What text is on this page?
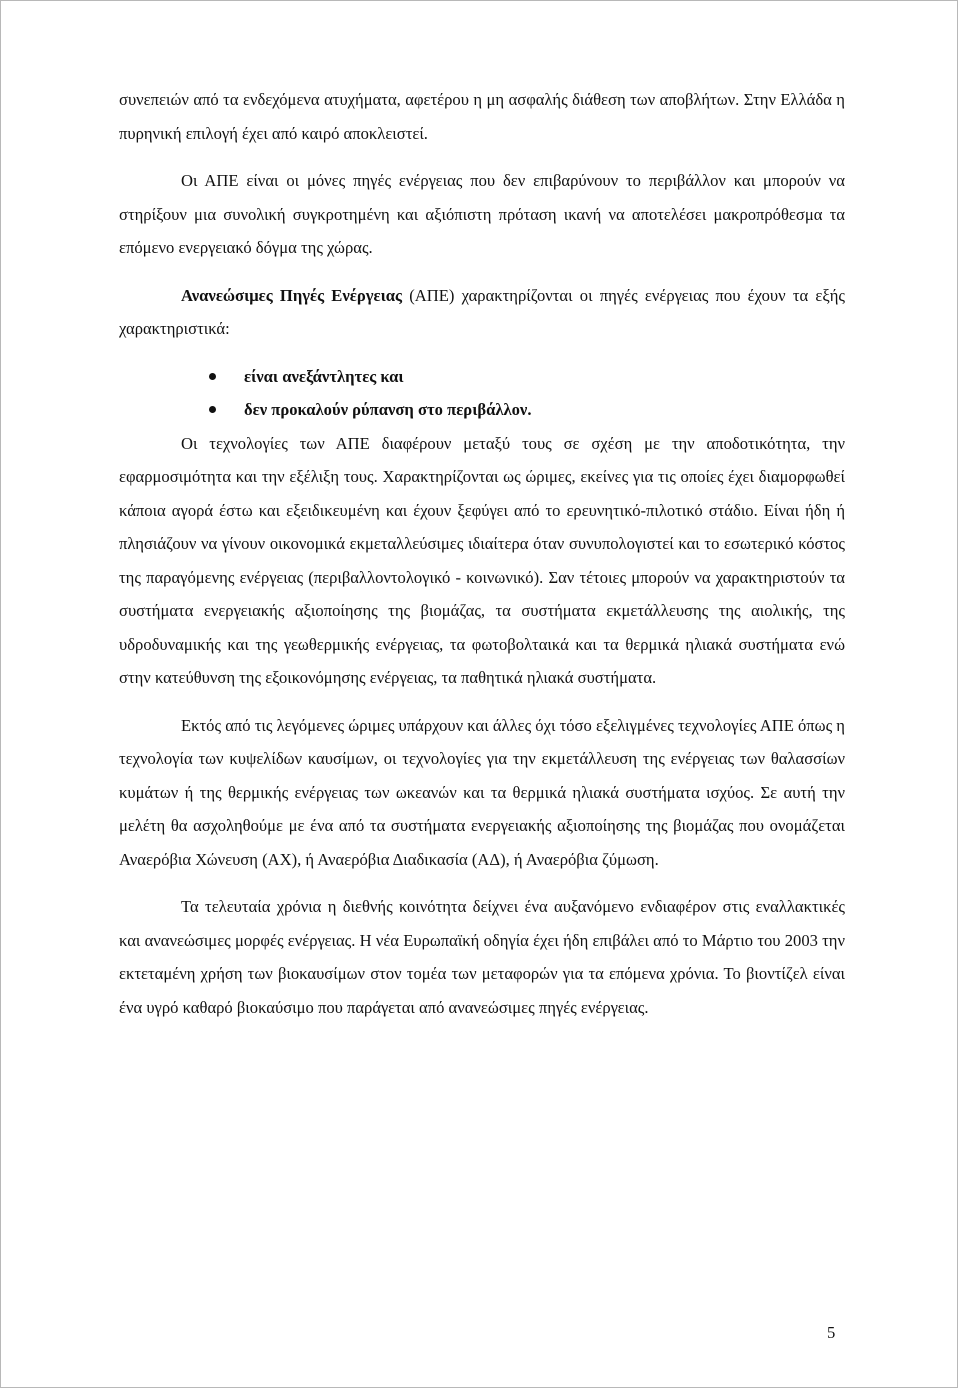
συνεπειών από τα ενδεχόμενα ατυχήματα, αφετέρου η μη ασφαλής διάθεση των αποβλήτων. Στην Ελλάδα η πυρηνική επιλογή έχει από καιρό αποκλειστεί.

Οι ΑΠΕ είναι οι μόνες πηγές ενέργειας που δεν επιβαρύνουν το περιβάλλον και μπορούν να στηρίξουν μια συνολική συγκροτημένη και αξιόπιστη πρόταση ικανή να αποτελέσει μακροπρόθεσμα τα επόμενο ενεργειακό δόγμα της χώρας.

Ανανεώσιμες Πηγές Ενέργειας (ΑΠΕ) χαρακτηρίζονται οι πηγές ενέργειας που έχουν τα εξής χαρακτηριστικά:

είναι ανεξάντλητες και
δεν προκαλούν ρύπανση στο περιβάλλον.

Οι τεχνολογίες των ΑΠΕ διαφέρουν μεταξύ τους σε σχέση με την αποδοτικότητα, την εφαρμοσιμότητα και την εξέλιξη τους. Χαρακτηρίζονται ως ώριμες, εκείνες για τις οποίες έχει διαμορφωθεί κάποια αγορά έστω και εξειδικευμένη και έχουν ξεφύγει από το ερευνητικό-πιλοτικό στάδιο. Είναι ήδη ή πλησιάζουν να γίνουν οικονομικά εκμεταλλεύσιμες ιδιαίτερα όταν συνυπολογιστεί και το εσωτερικό κόστος της παραγόμενης ενέργειας (περιβαλλοντολογικό - κοινωνικό). Σαν τέτοιες μπορούν να χαρακτηριστούν τα συστήματα ενεργειακής αξιοποίησης της βιομάζας, τα συστήματα εκμετάλλευσης της αιολικής, της υδροδυναμικής και της γεωθερμικής ενέργειας, τα φωτοβολταικά και τα θερμικά ηλιακά συστήματα ενώ στην κατεύθυνση της εξοικονόμησης ενέργειας, τα παθητικά ηλιακά συστήματα.

Εκτός από τις λεγόμενες ώριμες υπάρχουν και άλλες όχι τόσο εξελιγμένες τεχνολογίες ΑΠΕ όπως η τεχνολογία των κυψελίδων καυσίμων, οι τεχνολογίες για την εκμετάλλευση της ενέργειας των θαλασσίων κυμάτων ή της θερμικής ενέργειας των ωκεανών και τα θερμικά ηλιακά συστήματα ισχύος. Σε αυτή την μελέτη θα ασχοληθούμε με ένα από τα συστήματα ενεργειακής αξιοποίησης της βιομάζας που ονομάζεται Αναερόβια Χώνευση (ΑΧ), ή Αναερόβια Διαδικασία (ΑΔ), ή Αναερόβια ζύμωση.

Τα τελευταία χρόνια η διεθνής κοινότητα δείχνει ένα αυξανόμενο ενδιαφέρον στις εναλλακτικές και ανανεώσιμες μορφές ενέργειας. Η νέα Ευρωπαϊκή οδηγία έχει ήδη επιβάλει από το Μάρτιο του 2003 την εκτεταμένη χρήση των βιοκαυσίμων στον τομέα των μεταφορών για τα επόμενα χρόνια. Το βιοντίζελ είναι ένα υγρό καθαρό βιοκαύσιμο που παράγεται από ανανεώσιμες πηγές ενέργειας.

5
